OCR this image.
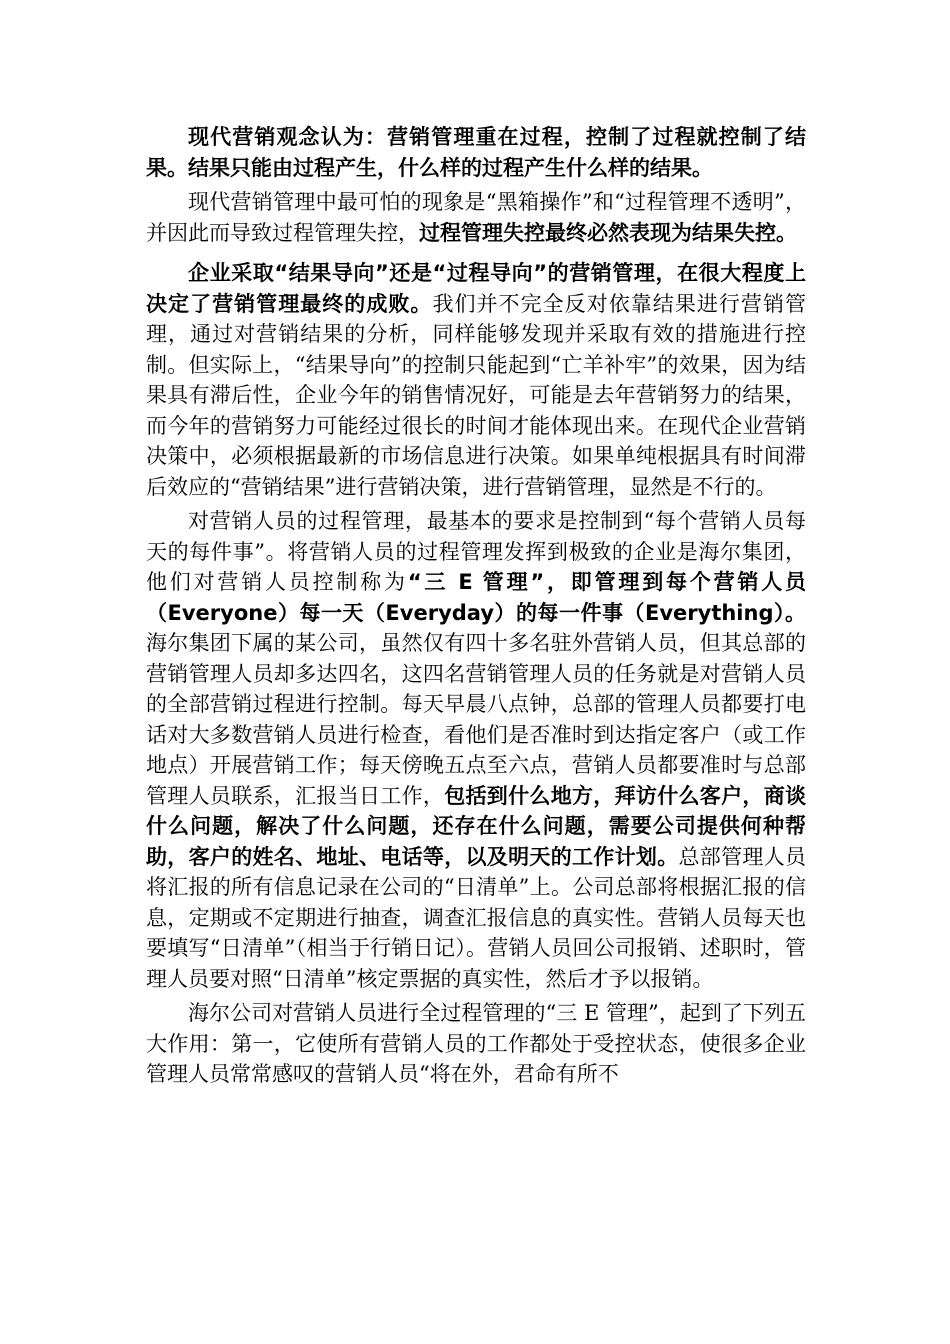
现代营销观念认为：营销管理重在过程，控制了过程就控制了结果。结果只能由过程产生，什么样的过程产生什么样的结果。

现代营销管理中最可怕的现象是“黑箱操作”和“过程管理不透明”，并因此而导致过程管理失控，过程管理失控最终必然表现为结果失控。

企业采取“结果导向”还是“过程导向”的营销管理，在很大程度上决定了营销管理最终的成败。我们并不完全反对依靠结果进行营销管理，通过对营销结果的分析，同样能够发现并采取有效的措施进行控制。但实际上，“结果导向”的控制只能起到“亡羊补牢”的效果，因为结果具有滞后性，企业今年的销售情况好，可能是去年营销努力的结果，而今年的营销努力可能经过很长的时间才能体现出来。在现代企业营销决策中，必须根据最新的市场信息进行决策。如果单纯根据具有时间滞后效应的“营销结果”进行营销决策，进行营销管理，显然是不行的。

对营销人员的过程管理，最基本的要求是控制到“每个营销人员每天的每件事”。将营销人员的过程管理发挥到极致的企业是海尔集团，他们对营销人员控制称为“三 E 管理”，即管理到每个营销人员（Everyone）每一天（Everyday）的每一件事（Everything）。海尔集团下属的某公司，虽然仅有四十多名驻外营销人员，但其总部的营销管理人员却多达四名，这四名营销管理人员的任务就是对营销人员的全部营销过程进行控制。每天早晨八点钟，总部的管理人员都要打电话对大多数营销人员进行检查，看他们是否准时到达指定客户（或工作地点）开展营销工作；每天傍晚五点至六点，营销人员都要准时与总部管理人员联系，汇报当日工作，包括到什么地方，拜访什么客户，商谈什么问题，解决了什么问题，还存在什么问题，需要公司提供何种帮助，客户的姓名、地址、电话等，以及明天的工作计划。总部管理人员将汇报的所有信息记录在公司的“日清单”上。公司总部将根据汇报的信息，定期或不定期进行抽查，调查汇报信息的真实性。营销人员每天也要填写“日清单”（相当于行销日记）。营销人员回公司报销、述职时，管理人员要对照“日清单”核定票据的真实性，然后才予以报销。

海尔公司对营销人员进行全过程管理的“三 E 管理”，起到了下列五大作用：第一，它使所有营销人员的工作都处于受控状态，使很多企业管理人员常常感叹的营销人员“将在外，君命有所不
